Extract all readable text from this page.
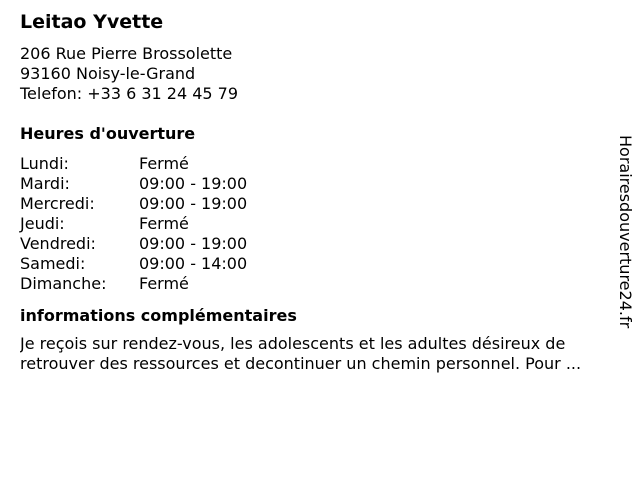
Leitao Yvette
206 Rue Pierre Brossolette
93160 Noisy-le-Grand
Telefon: +33 6 31 24 45 79
Heures d'ouverture
Lundi:	Fermé
Mardi:	09:00 - 19:00
Mercredi:	09:00 - 19:00
Jeudi:	Fermé
Vendredi:	09:00 - 19:00
Samedi:	09:00 - 14:00
Dimanche:	Fermé
informations complémentaires
Je reçois sur rendez-vous, les adolescents et les adultes désireux de
retrouver des ressources et decontinuer un chemin personnel. Pour ...
Horairesdouverture24.fr
